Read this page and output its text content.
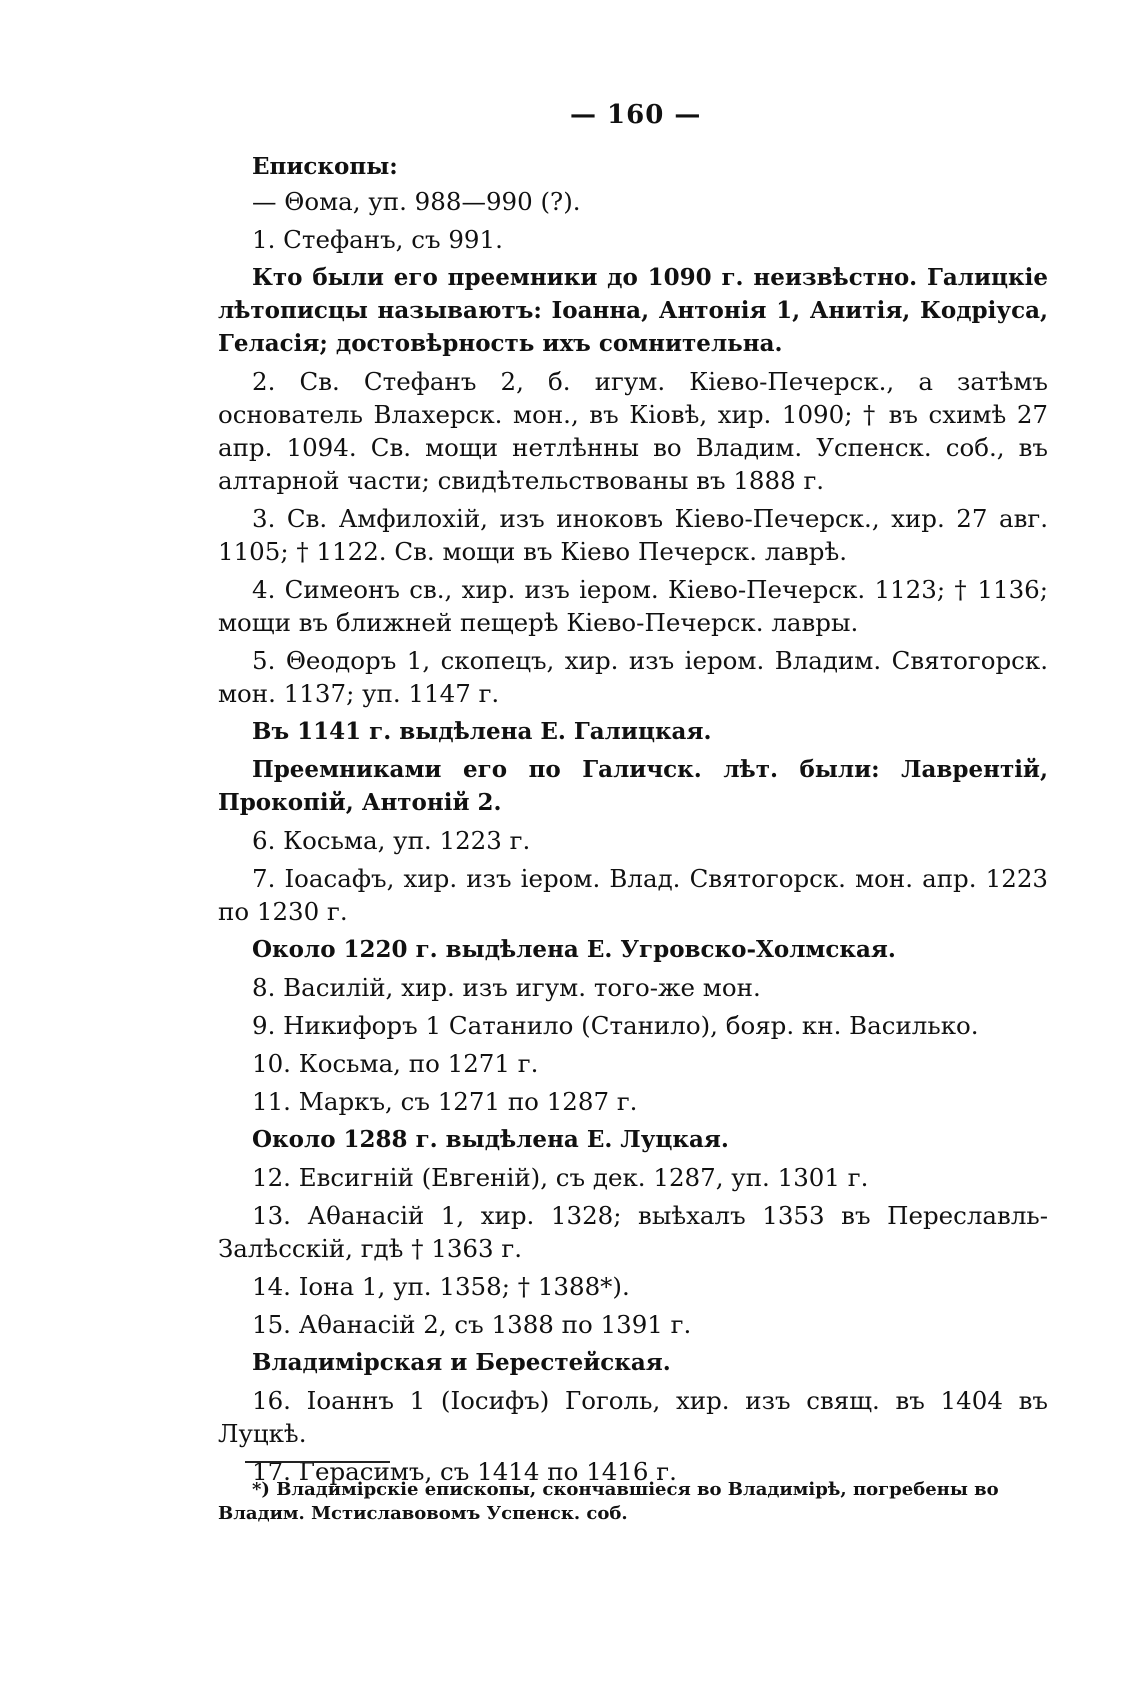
— 160 —
Епископы:

— Θома, уп. 988—990 (?).

1. Стефанъ, съ 991.

Кто были его преемники до 1090 г. неизвѣстно. Галицкіе лѣтописцы называютъ: Іоанна, Антонія 1, Анитія, Кодріуса, Геласія; достовѣрность ихъ сомнительна.

2. Св. Стефанъ 2, б. игум. Кіево-Печерск., а затѣмъ основатель Влахерск. мон., въ Кіовѣ, хир. 1090; † въ схимѣ 27 апр. 1094. Св. мощи нетлѣнны во Владим. Успенск. соб., въ алтарной части; свидѣтельствованы въ 1888 г.

3. Св. Амфилохій, изъ иноковъ Кіево-Печерск., хир. 27 авг. 1105; † 1122. Св. мощи въ Кіево Печерск. лаврѣ.

4. Симеонъ св., хир. изъ іером. Кіево-Печерск. 1123; † 1136; мощи въ ближней пещерѣ Кіево-Печерск. лавры.

5. Θеодоръ 1, скопецъ, хир. изъ іером. Владим. Святогорск. мон. 1137; уп. 1147 г.

Въ 1141 г. выдѣлена Е. Галицкая.

Преемниками его по Галичск. лѣт. были: Лаврентій, Прокопій, Антоній 2.

6. Косьма, уп. 1223 г.

7. Іоасафъ, хир. изъ іером. Влад. Святогорск. мон. апр. 1223 по 1230 г.

Около 1220 г. выдѣлена Е. Угровско-Холмская.

8. Василій, хир. изъ игум. того-же мон.

9. Никифоръ 1 Сатанило (Станило), бояр. кн. Василько.

10. Косьма, по 1271 г.

11. Маркъ, съ 1271 по 1287 г.

Около 1288 г. выдѣлена Е. Луцкая.

12. Евсигній (Евгеній), съ дек. 1287, уп. 1301 г.

13. Аθанасій 1, хир. 1328; выѣхалъ 1353 въ Переславль-Залѣсскій, гдѣ † 1363 г.

14. Іона 1, уп. 1358; † 1388*).

15. Аθанасій 2, съ 1388 по 1391 г.

Владимірская и Берестейская.

16. Іоаннъ 1 (Іосифъ) Гоголь, хир. изъ свящ. въ 1404 въ Луцкѣ.

17. Герасимъ, съ 1414 по 1416 г.

*) Владимірскіе епископы, скончавшіеся во Владимірѣ, погребены во Владим. Мстиславовомъ Успенск. соб.
